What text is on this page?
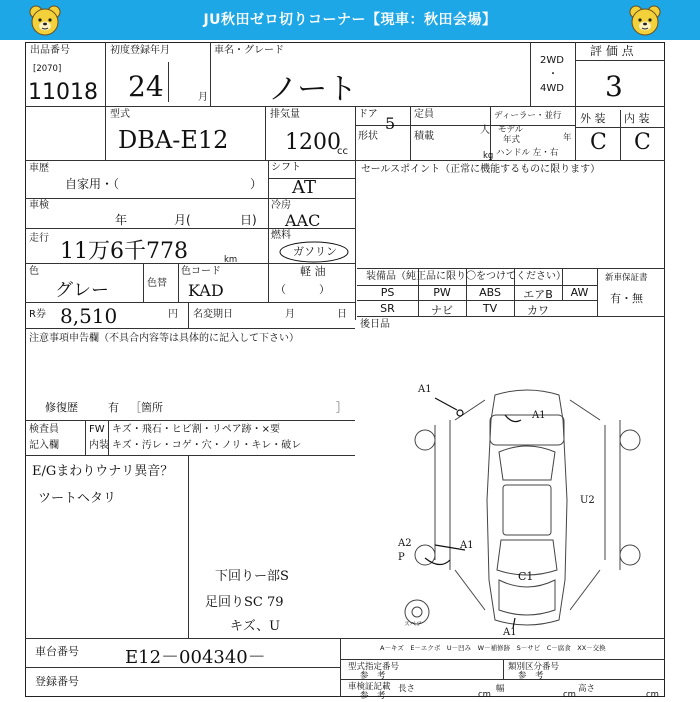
JU秋田ゼロ切りコーナー【現車：秋田会場】
出品番号
[2070]
11018
初度登録年月
24	月
車名・グレード
ノート
2WD
・
4WD
評 価 点
3
外 装 内 装
C C
型式
DBA-E12
排気量
1200
cc
ドア 5
形状
定員
人
積載
kg
ディーラー・並行
モデル
年式	年
ハンドル 左・右
車歴
自家用・（	）
シフト
AT
車検
年	月(	日)
冷房
AAC
走行
11万6千778	km
燃料
ガソリン
軽 油
（　　　）
色
グレー	色替
色コード
KAD
R券 8,510	円 名変期日	月	日
注意事項申告欄（不具合内容等は具体的に記入して下さい）
修復歴	有 ［箇所	］
検査員
記入欄
FW
内装
キズ・飛石・ヒビ割・リペア跡・×要
キズ・汚レ・コゲ・穴・ノリ・キレ・破レ
E/Gまわりウナリ異音？
ツートヘタリ
下回りー部S
足回りSC 79
キズ、U
セールスポイント（正常に機能するものに限ります）
装備品（純正品に限り〇をつけてください）	新車保証書
有・無
PS	PW	ABS	エアB	AW
SR	ナビ	TV	カワ
後日品
A1
A1
U2
A2
P
A1
C1
A1
スペア
A－キズ　E－エクボ　U－凹み　W－補修跡　S－サビ　C－腐食　XX－交換
車台番号	E12－004340－
登録番号
型式指定番号
参　考
類別区分番号
参　考
車検証記載
参　考
長さ
cm
幅
cm
高さ
cm
